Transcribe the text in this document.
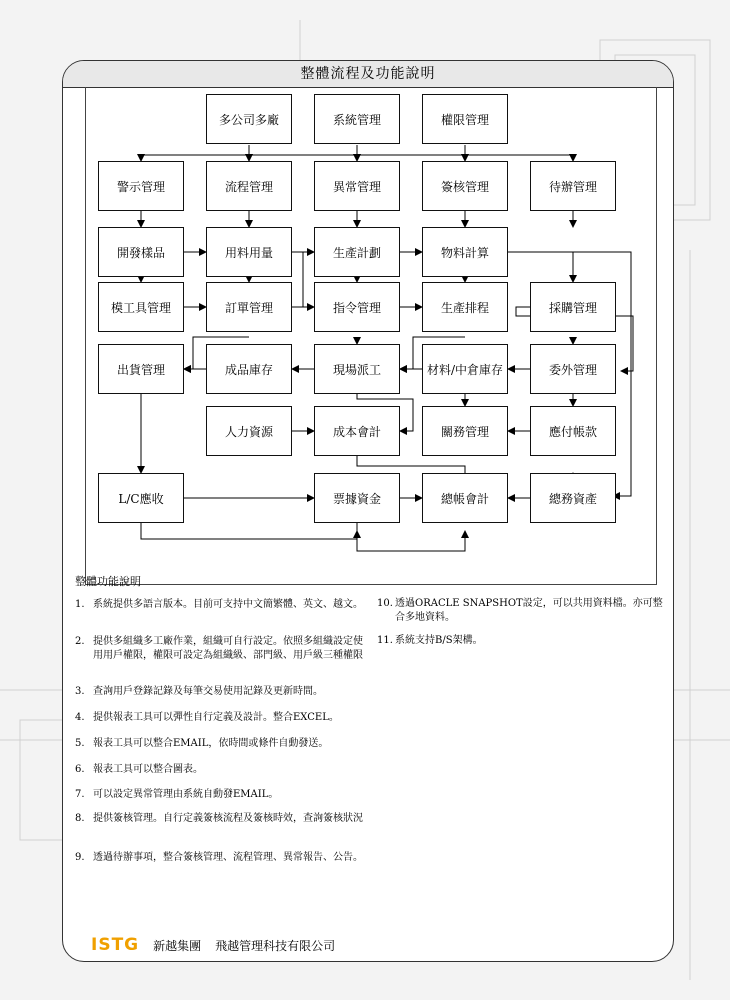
整體流程及功能說明
多公司多廠	系統管理	權限管理
警示管理	流程管理	異常管理	簽核管理	待辦管理
開發樣品	用料用量	生產計劃	物料計算
模工具管理	訂單管理	指令管理	生產排程	採購管理
出貨管理	成品庫存	現場派工	材料/中倉庫存	委外管理
人力資源	成本會計	關務管理	應付帳款
L/C應收	票據資金	總帳會計	總務資產
整體功能說明
1. 系統提供多語言版本。目前可支持中文簡繁體、英文、越文。
2. 提供多組織多工廠作業，組織可自行設定。依照多組織設定使用用戶權限，權限可設定為組織級、部門級、用戶級三種權限
3. 查詢用戶登錄記錄及每筆交易使用記錄及更新時間。
4. 提供報表工具可以彈性自行定義及設計。整合EXCEL。
5. 報表工具可以整合EMAIL，依時間或條件自動發送。
6. 報表工具可以整合圖表。
7. 可以設定異常管理由系統自動發EMAIL。
8. 提供簽核管理。自行定義簽核流程及簽核時效，查詢簽核狀況
9. 透過待辦事項，整合簽核管理、流程管理、異常報告、公告。
10. 透過ORACLE SNAPSHOT設定，可以共用資料檔。亦可整合多地資料。
11. 系統支持B/S架構。
ISTG 新越集團 飛越管理科技有限公司
